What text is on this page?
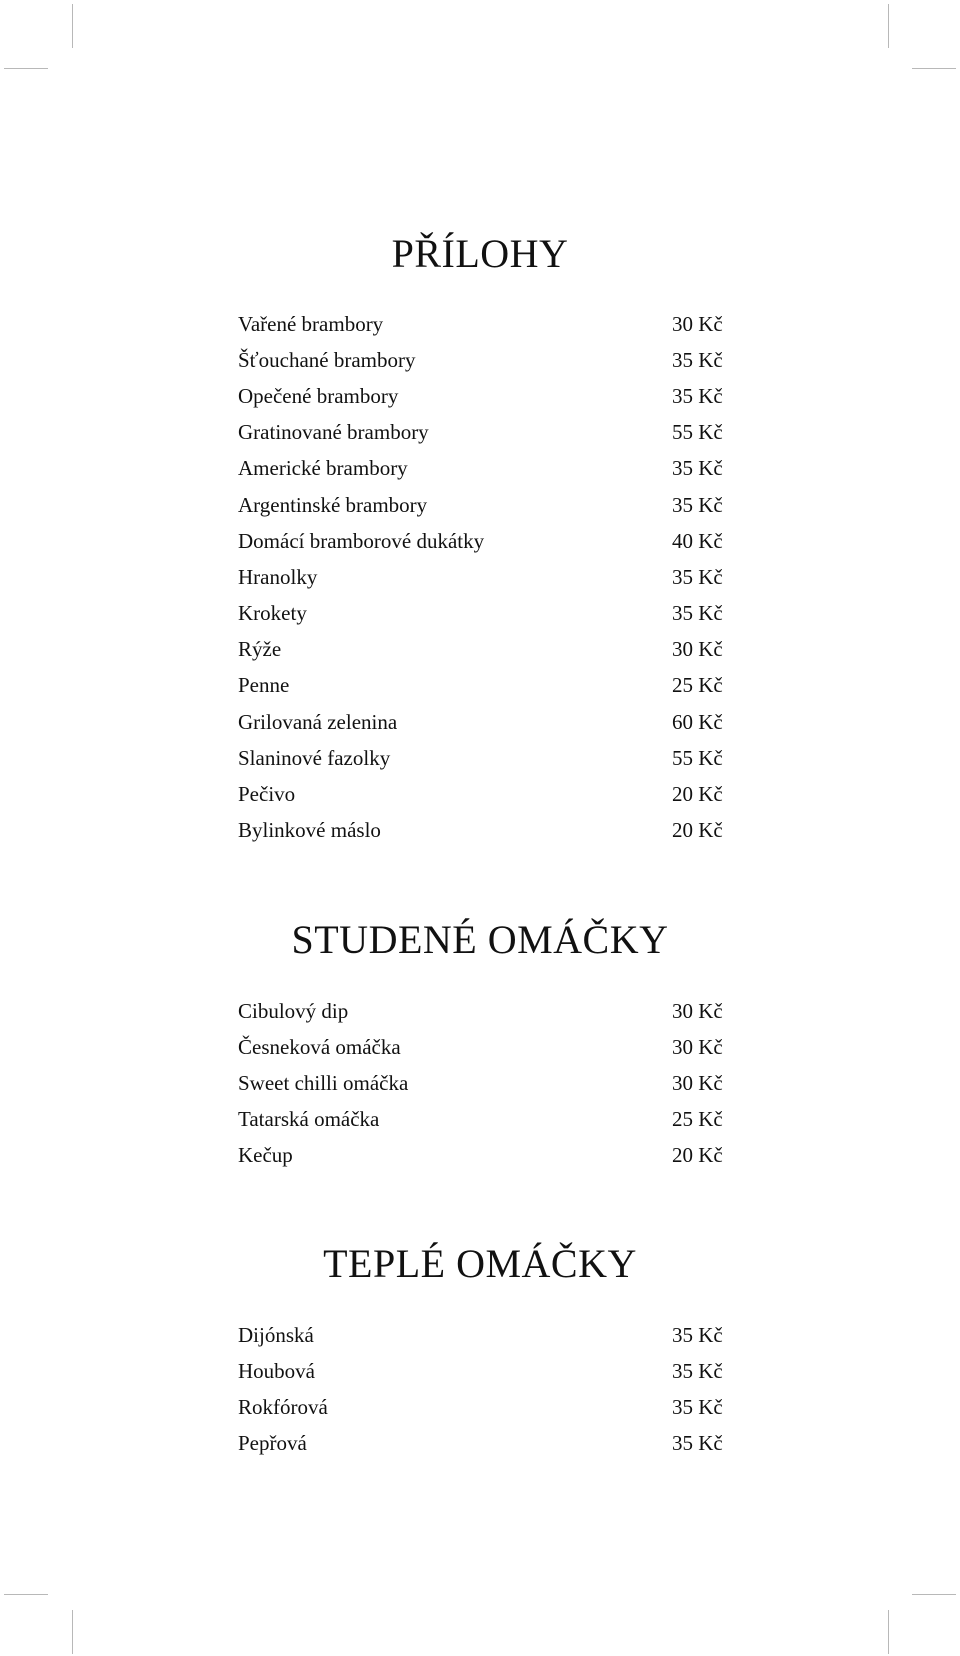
PŘÍLOHY
Vařené brambory	30 Kč
Šťouchané brambory	35 Kč
Opečené brambory	35 Kč
Gratinované brambory	55 Kč
Americké brambory	35 Kč
Argentinské brambory	35 Kč
Domácí bramborové dukátky	40 Kč
Hranolky	35 Kč
Krokety	35 Kč
Rýže	30 Kč
Penne	25 Kč
Grilovaná zelenina	60 Kč
Slaninové fazolky	55 Kč
Pečivo	20 Kč
Bylinkové máslo	20 Kč
STUDENÉ OMÁČKY
Cibulový dip	30 Kč
Česneková omáčka	30 Kč
Sweet chilli omáčka	30 Kč
Tatarská omáčka	25 Kč
Kečup	20 Kč
TEPLÉ OMÁČKY
Dijónská	35 Kč
Houbová	35 Kč
Rokfórová	35 Kč
Pepřová	35 Kč
